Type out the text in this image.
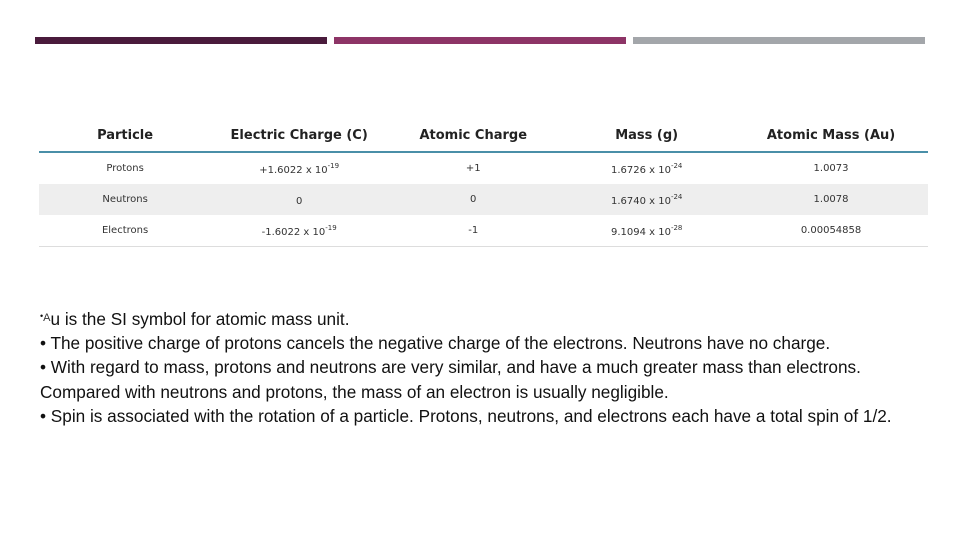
Particle	Electric Charge (C)	Atomic Charge	Mass (g)	Atomic Mass (Au)
Protons	+1.6022 x $10^{-19}$	+1	1.6726 x $10^{-24}$	1.0073
Neutrons	0	0	1.6740 x $10^{-24}$	1.0078
Electrons	-1.6022 x $10^{-19}$	-1	9.1094 x $10^{-28}$	0.00054858

$^{•A}$u is the SI symbol for atomic mass unit.

• The positive charge of protons cancels the negative charge of the electrons. Neutrons have no charge.

• With regard to mass, protons and neutrons are very similar, and have a much greater mass than electrons. Compared with neutrons and protons, the mass of an electron is usually negligible.

• Spin is associated with the rotation of a particle. Protons, neutrons, and electrons each have a total spin of 1/2.
